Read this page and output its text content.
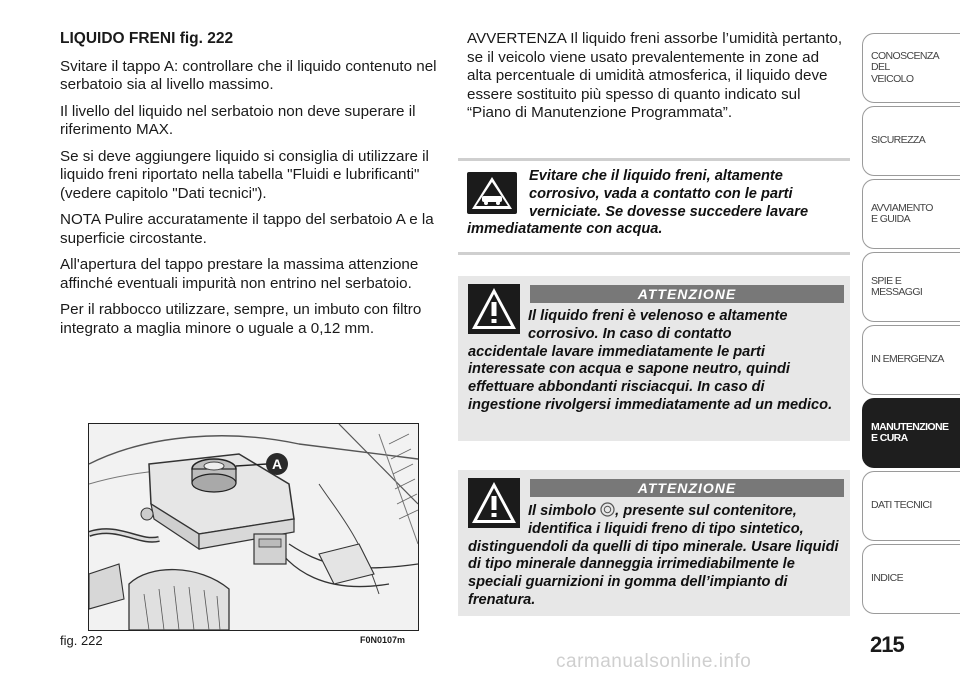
LIQUIDO FRENI fig. 222

Svitare il tappo A: controllare che il liquido contenuto nel serbatoio sia al livello massimo.

Il livello del liquido nel serbatoio non deve superare il riferimento MAX.

Se si deve aggiungere liquido si consiglia di utilizzare il liquido freni riportato nella tabella "Fluidi e lubrificanti" (vedere capitolo "Dati tecnici").

NOTA Pulire accuratamente il tappo del serbatoio A e la superficie circostante.

All'apertura del tappo prestare la massima attenzione affinché eventuali impurità non entrino nel serbatoio.

Per il rabbocco utilizzare, sempre, un imbuto con filtro integrato a maglia minore o uguale a 0,12 mm.

AVVERTENZA Il liquido freni assorbe l’umidità pertanto, se il veicolo viene usato prevalentemente in zone ad alta percentuale di umidità atmosferica, il liquido deve essere sostituito più spesso di quanto indicato sul “Piano di Manutenzione Programmata”.
Evitare che il liquido freni, altamente corrosivo, vada a contatto con le parti verniciate. Se dovesse succedere lavare
immediatamente con acqua.
ATTENZIONE
Il liquido freni è velenoso e altamente corrosivo. In caso di contatto
accidentale lavare immediatamente le parti interessate con acqua e sapone neutro, quindi effettuare abbondanti risciacqui. In caso di ingestione rivolgersi immediatamente ad un medico.
ATTENZIONE
Il simbolo , presente sul contenitore, identifica i liquidi freno di tipo sintetico,
distinguendoli da quelli di tipo minerale. Usare liquidi di tipo minerale danneggia irrimediabilmente le speciali guarnizioni in gomma dell’impianto di frenatura.
A
fig. 222	F0N0107m
CONOSCENZA DEL VEICOLO
SICUREZZA
AVVIAMENTO E GUIDA
SPIE E MESSAGGI
IN EMERGENZA
MANUTENZIONE E CURA
DATI TECNICI
INDICE
215
carmanualsonline.info
